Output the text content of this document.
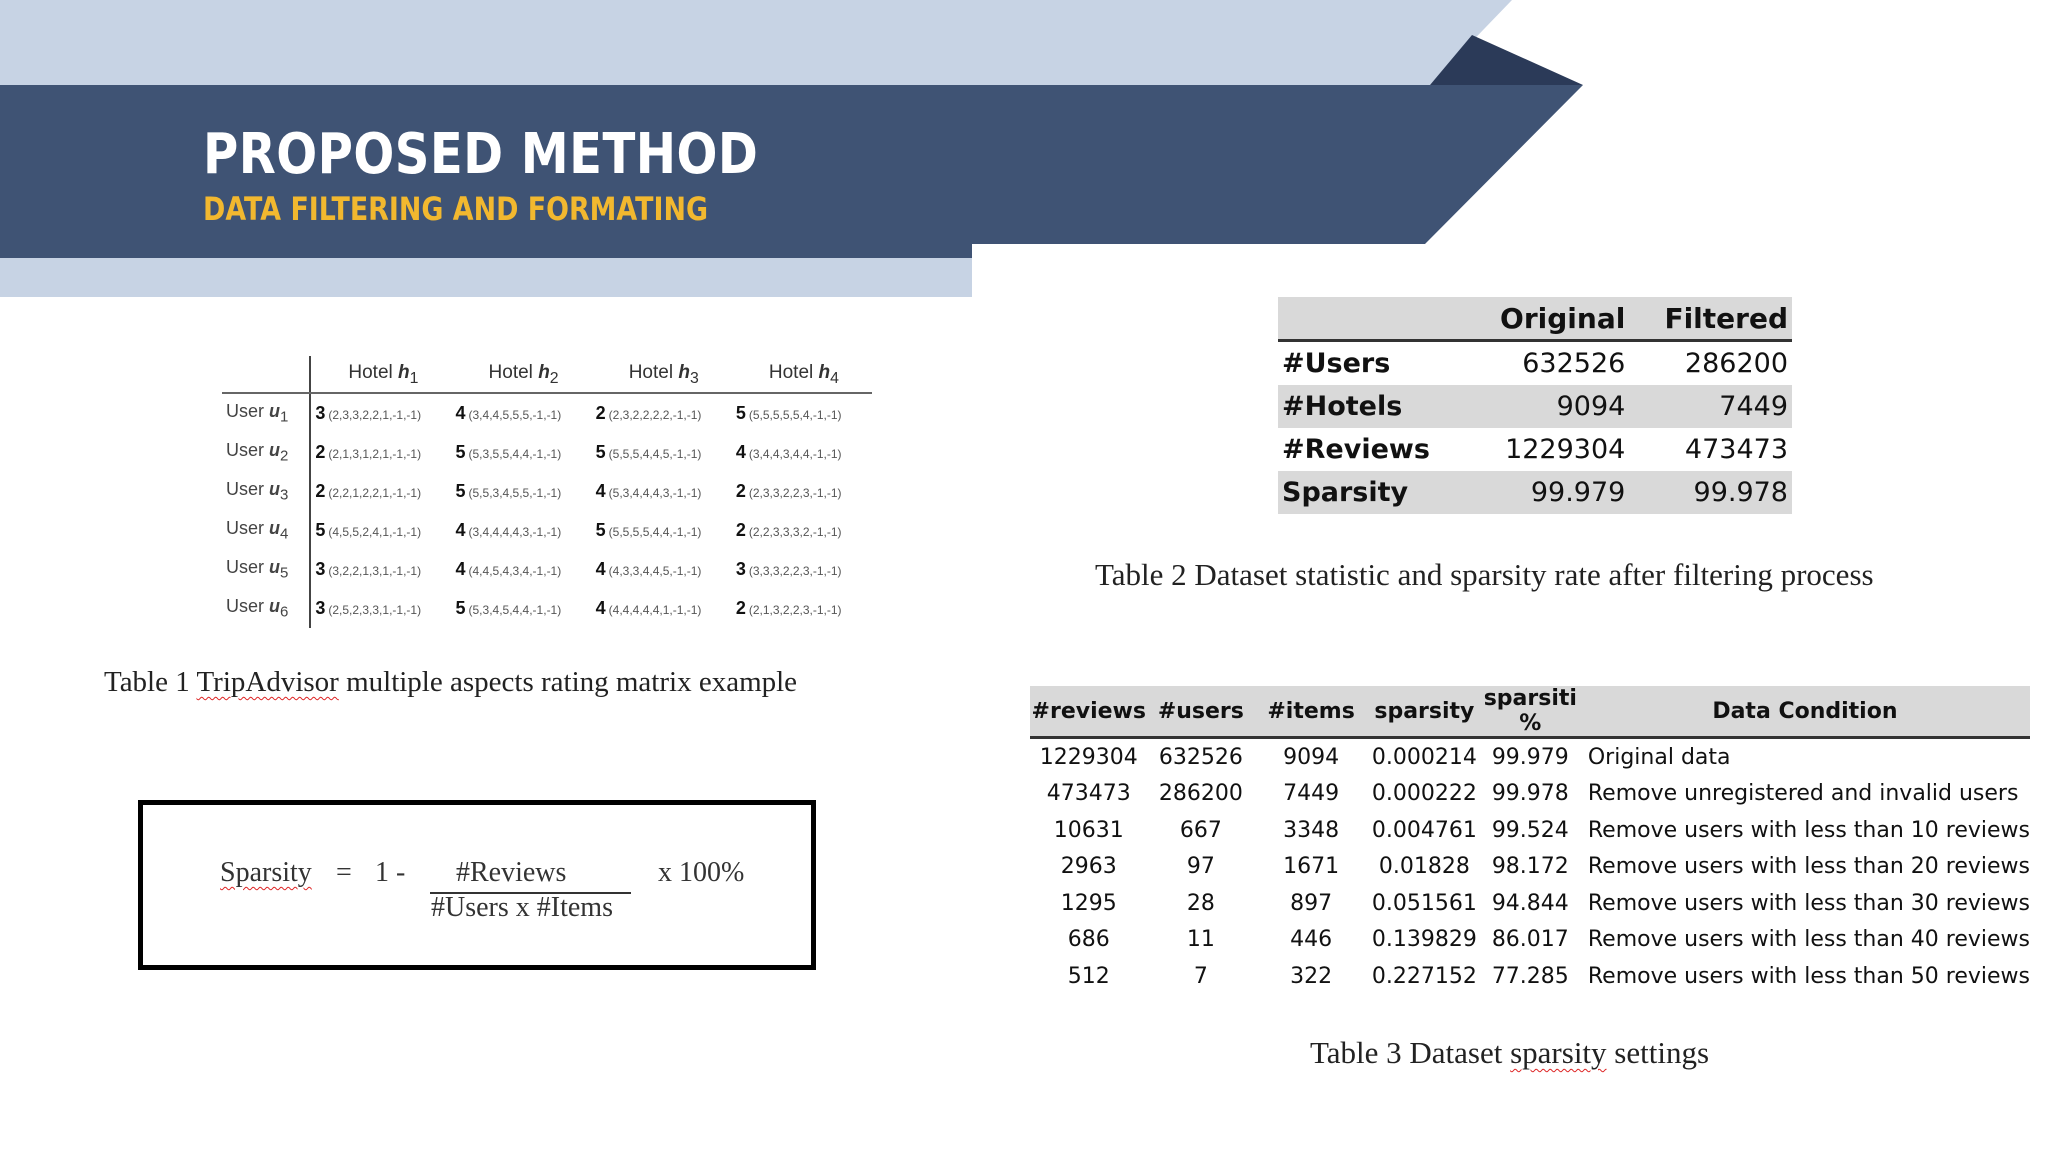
PROPOSED METHOD
DATA FILTERING AND FORMATING
	Hotel $h_1$	Hotel $h_2$	Hotel $h_3$	Hotel $h_4$
User $u_1$	3 (2,3,3,2,2,1,-1,-1)	4 (3,4,4,5,5,5,-1,-1)	2 (2,3,2,2,2,2,-1,-1)	5 (5,5,5,5,5,4,-1,-1)
User $u_2$	2 (2,1,3,1,2,1,-1,-1)	5 (5,3,5,5,4,4,-1,-1)	5 (5,5,5,4,4,5,-1,-1)	4 (3,4,4,3,4,4,-1,-1)
User $u_3$	2 (2,2,1,2,2,1,-1,-1)	5 (5,5,3,4,5,5,-1,-1)	4 (5,3,4,4,4,3,-1,-1)	2 (2,3,3,2,2,3,-1,-1)
User $u_4$	5 (4,5,5,2,4,1,-1,-1)	4 (3,4,4,4,4,3,-1,-1)	5 (5,5,5,5,4,4,-1,-1)	2 (2,2,3,3,3,2,-1,-1)
User $u_5$	3 (3,2,2,1,3,1,-1,-1)	4 (4,4,5,4,3,4,-1,-1)	4 (4,3,3,4,4,5,-1,-1)	3 (3,3,3,2,2,3,-1,-1)
User $u_6$	3 (2,5,2,3,3,1,-1,-1)	5 (5,3,4,5,4,4,-1,-1)	4 (4,4,4,4,4,1,-1,-1)	2 (2,1,3,2,2,3,-1,-1)
Table 1 TripAdvisor multiple aspects rating matrix example
Sparsity = 1 - #Reviews
#Users x #Items
x 100%
	Original	Filtered
#Users	632526	286200
#Hotels	9094	7449
#Reviews	1229304	473473
Sparsity	99.979	99.978
Table 2 Dataset statistic and sparsity rate after filtering process
#reviews	#users	#items	sparsity	sparsiti %	Data Condition
1229304	632526	9094	0.000214	99.979	Original data
473473	286200	7449	0.000222	99.978	Remove unregistered and invalid users
10631	667	3348	0.004761	99.524	Remove users with less than 10 reviews
2963	97	1671	0.01828	98.172	Remove users with less than 20 reviews
1295	28	897	0.051561	94.844	Remove users with less than 30 reviews
686	11	446	0.139829	86.017	Remove users with less than 40 reviews
512	7	322	0.227152	77.285	Remove users with less than 50 reviews
Table 3 Dataset sparsity settings
